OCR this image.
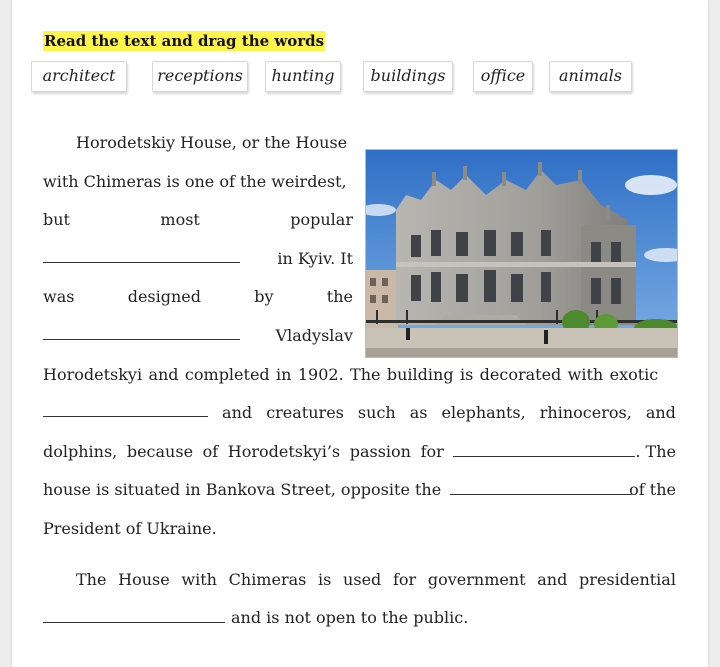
Read the text and drag the words
architect	receptions	hunting	buildings	office	animals
Horodetskiy House, or the House
with Chimeras is one of the weirdest,
but	most	popular
in Kyiv. It
was	designed	by	the
Vladyslav
Horodetskyi and completed in 1902. The building is decorated with exotic
and creatures such as elephants, rhinoceros, and
dolphins, because of Horodetskyi’s passion for	. The
house is situated in Bankova Street, opposite the	of the
President of Ukraine.
The House with Chimeras is used for government and presidential
and is not open to the public.
